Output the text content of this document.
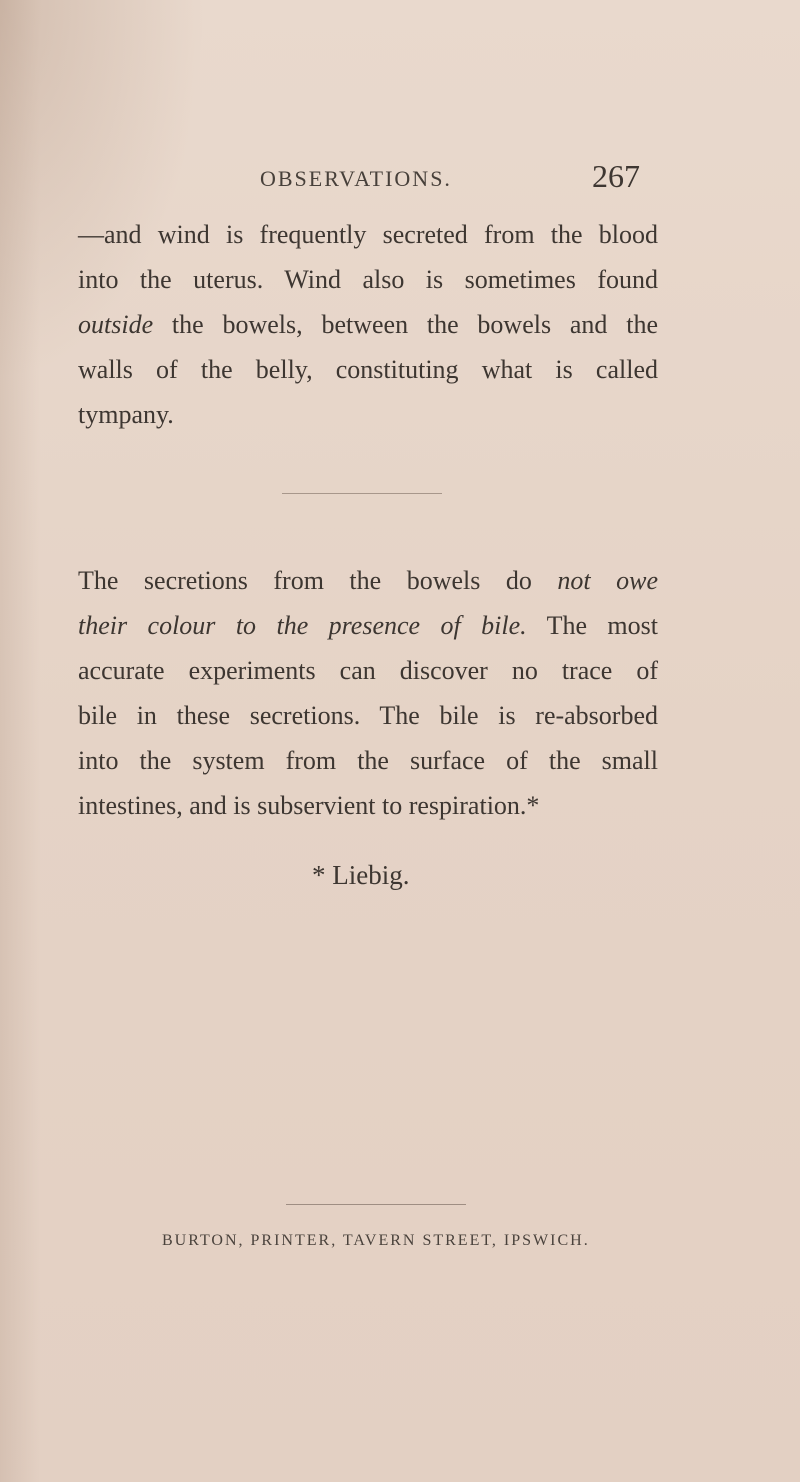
OBSERVATIONS.	267
—and wind is frequently secreted from the blood
into the uterus. Wind also is sometimes found
outside the bowels, between the bowels and the
walls of the belly, constituting what is called
tympany.
The secretions from the bowels do not owe
their colour to the presence of bile. The most
accurate experiments can discover no trace of
bile in these secretions. The bile is re-absorbed
into the system from the surface of the small
intestines, and is subservient to respiration.*
* Liebig.
BURTON, PRINTER, TAVERN STREET, IPSWICH.
